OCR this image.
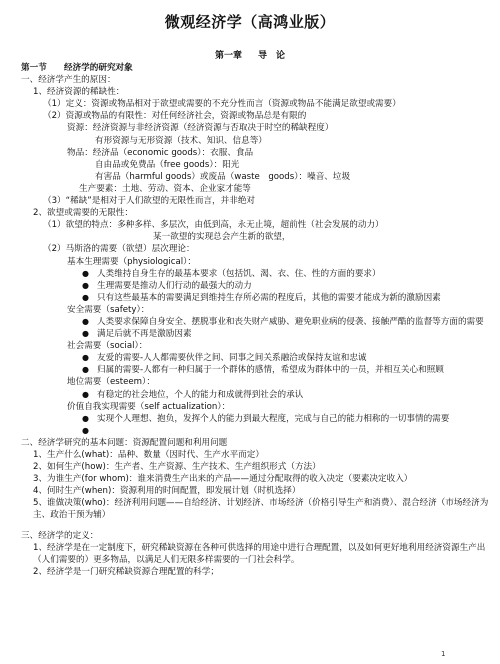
微观经济学（高鸿业版）
第一章 导　论
第一节　　经济学的研究对象
一、经济学产生的原因：
1、经济资源的稀缺性：
（1）定义：资源或物品相对于欲望或需要的不充分性而言（资源或物品不能满足欲望或需要）
（2）资源或物品的有限性：对任何经济社会，资源或物品总是有限的
资源：经济资源与非经济资源（经济资源与否取决于时空的稀缺程度）
有形资源与无形资源（技术、知识、信息等）
物品：经济品（economic goods）：衣服、食品
自由品或免费品（free goods）：阳光
有害品（harmful goods）或废品（waste　goods）：噪音、垃圾
生产要素：土地、劳动、资本、企业家才能等
（3）“稀缺”是相对于人们欲望的无限性而言，并非绝对
2、欲望或需要的无限性：
（1）欲望的特点：多种多样、多层次，由低到高，永无止境，超前性（社会发展的动力）
某一欲望的实现总会产生新的欲望，
（2）马斯洛的需要（欲望）层次理论：
基本生理需要（physiological）：
● 人类维持自身生存的最基本要求（包括饥、渴、衣、住、性的方面的要求）
● 生理需要是推动人们行动的最强大的动力
● 只有这些最基本的需要满足到维持生存所必需的程度后，其他的需要才能成为新的激励因素
安全需要（safety）：
● 人类要求保障自身安全、摆脱事业和丧失财产威胁、避免职业病的侵袭、接触严酷的监督等方面的需要
● 满足后就不再是激励因素
社会需要（social）：
● 友爱的需要-人人都需要伙伴之间、同事之间关系融洽或保持友谊和忠诚
● 归属的需要-人都有一种归属于一个群体的感情，希望成为群体中的一员，并相互关心和照顾
地位需要（esteem）：
● 有稳定的社会地位，个人的能力和成就得到社会的承认
价值自我实现需要（self actualization）：
● 实现个人理想、抱负，发挥个人的能力到最大程度，完成与自己的能力相称的一切事情的需要
●
二、经济学研究的基本问题：资源配置问题和利用问题
1、生产什么(what)：品种、数量（因时代、生产水平而定）
2、如何生产(how)：生产者、生产资源、生产技术、生产组织形式（方法）
3、为谁生产(for whom)：谁来消费生产出来的产品——通过分配取得的收入决定（要素决定收入）
4、何时生产(when)：资源利用的时间配置，即发展计划（时机选择）
5、谁做决策(who)：经济利用问题——自给经济、计划经济、市场经济（价格引导生产和消费）、混合经济（市场经济为主、政治干预为辅）
三、经济学的定义：
1、经济学是在一定制度下，研究稀缺资源在各种可供选择的用途中进行合理配置，以及如何更好地利用经济资源生产出（人们需要的）更多物品，以满足人们无限多样需要的一门社会科学。
2、经济学是一门研究稀缺资源合理配置的科学；
1
